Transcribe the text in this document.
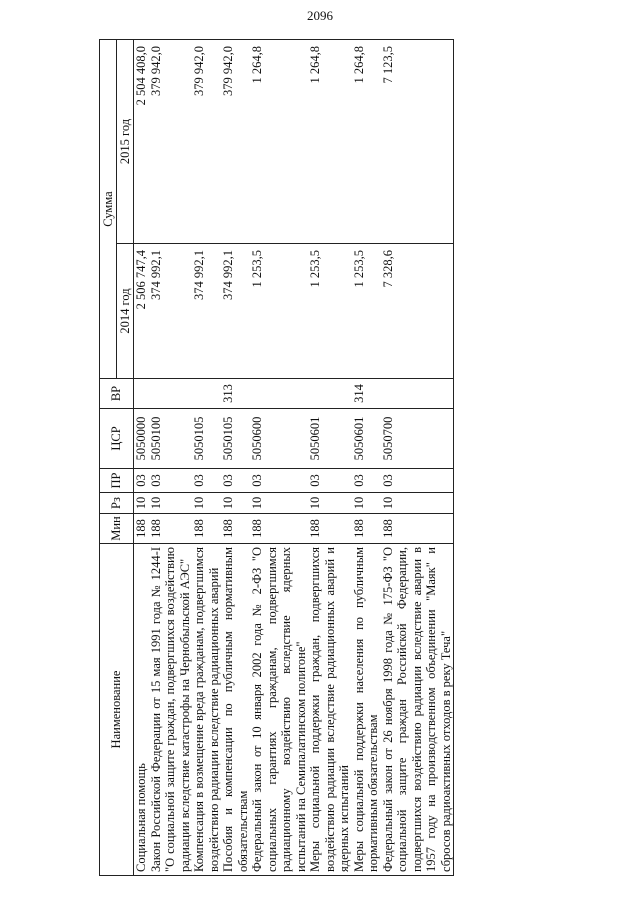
2096
Наименование	Мин	Рз	ПР	ЦСР	ВР	Сумма	
						2014 год	2015 год
Социальная помощь	188	10	03	5050000		2 506 747,4	2 504 408,0
Закон Российской Федерации от 15 мая 1991 года № 1244-I "О социальной защите граждан, подвергшихся воздействию радиации вследствие катастрофы на Чернобыльской АЭС"	188	10	03	5050100		374 992,1	379 942,0
Компенсация в возмещение вреда гражданам, подвергшимся воздействию радиации вследствие радиационных аварий	188	10	03	5050105		374 992,1	379 942,0
Пособия и компенсации по публичным нормативным обязательствам	188	10	03	5050105	313	374 992,1	379 942,0
Федеральный закон от 10 января 2002 года № 2-ФЗ "О социальных гарантиях гражданам, подвергшимся радиационному воздействию вследствие ядерных испытаний на Семипалатинском полигоне"	188	10	03	5050600		1 253,5	1 264,8
Меры социальной поддержки граждан, подвергшихся воздействию радиации вследствие радиационных аварий и ядерных испытаний	188	10	03	5050601		1 253,5	1 264,8
Меры социальной поддержки населения по публичным нормативным обязательствам	188	10	03	5050601	314	1 253,5	1 264,8
Федеральный закон от 26 ноября 1998 года № 175-ФЗ "О социальной защите граждан Российской Федерации, подвергшихся воздействию радиации вследствие аварии в 1957 году на производственном объединении "Маяк" и сбросов радиоактивных отходов в реку Теча"	188	10	03	5050700		7 328,6	7 123,5
